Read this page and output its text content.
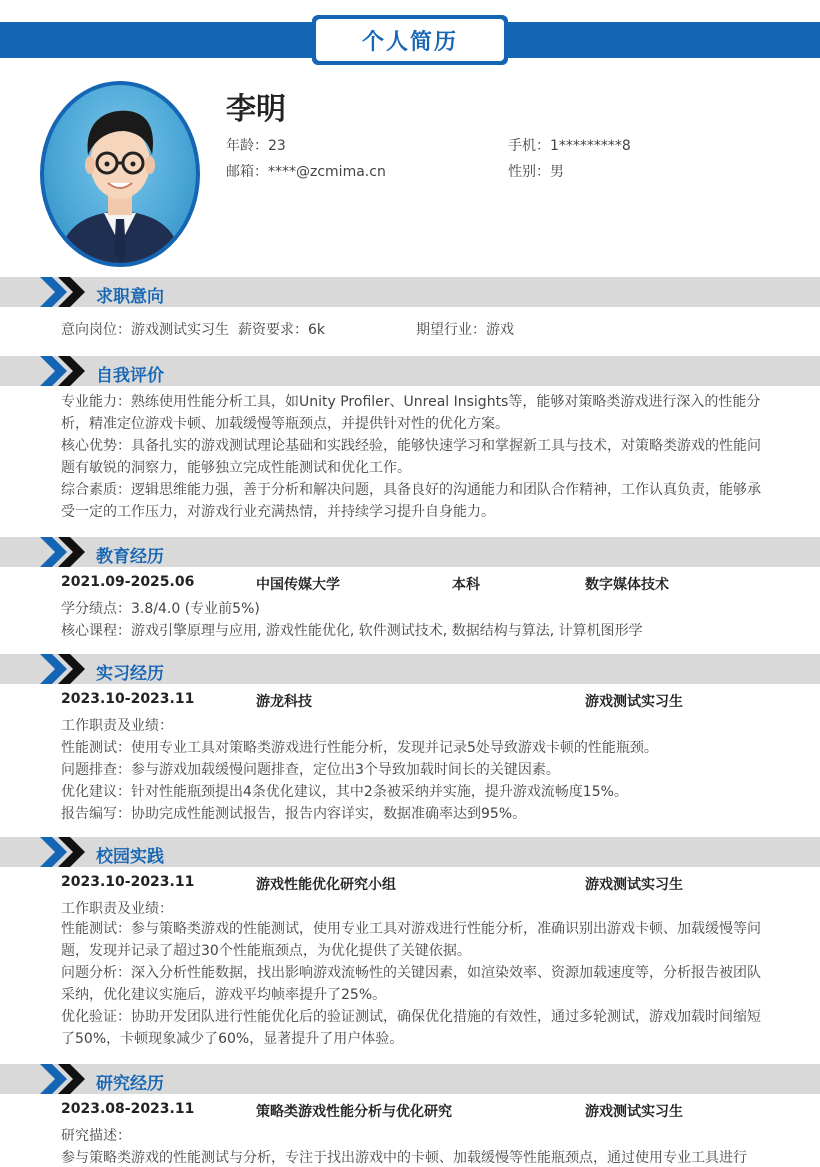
个人简历
李明
年龄：23	手机：1*********8
邮箱：****@zcmima.cn	性别：男
求职意向
意向岗位：游戏测试实习生 薪资要求：6k	期望行业：游戏
自我评价
专业能力：熟练使用性能分析工具，如Unity Profiler、Unreal Insights等，能够对策略类游戏进行深入的性能分析，精准定位游戏卡顿、加载缓慢等瓶颈点，并提供针对性的优化方案。
核心优势：具备扎实的游戏测试理论基础和实践经验，能够快速学习和掌握新工具与技术，对策略类游戏的性能问题有敏锐的洞察力，能够独立完成性能测试和优化工作。
综合素质：逻辑思维能力强，善于分析和解决问题，具备良好的沟通能力和团队合作精神，工作认真负责，能够承受一定的工作压力，对游戏行业充满热情，并持续学习提升自身能力。
教育经历
2021.09-2025.06	中国传媒大学	本科	数字媒体技术
学分绩点：3.8/4.0 (专业前5%)
核心课程：游戏引擎原理与应用, 游戏性能优化, 软件测试技术, 数据结构与算法, 计算机图形学
实习经历
2023.10-2023.11	游龙科技	游戏测试实习生
工作职责及业绩：
性能测试：使用专业工具对策略类游戏进行性能分析，发现并记录5处导致游戏卡顿的性能瓶颈。
问题排查：参与游戏加载缓慢问题排查，定位出3个导致加载时间长的关键因素。
优化建议：针对性能瓶颈提出4条优化建议，其中2条被采纳并实施，提升游戏流畅度15%。
报告编写：协助完成性能测试报告，报告内容详实，数据准确率达到95%。
校园实践
2023.10-2023.11	游戏性能优化研究小组	游戏测试实习生
工作职责及业绩：
性能测试：参与策略类游戏的性能测试，使用专业工具对游戏进行性能分析，准确识别出游戏卡顿、加载缓慢等问题，发现并记录了超过30个性能瓶颈点，为优化提供了关键依据。
问题分析：深入分析性能数据，找出影响游戏流畅性的关键因素，如渲染效率、资源加载速度等，分析报告被团队采纳，优化建议实施后，游戏平均帧率提升了25%。
优化验证：协助开发团队进行性能优化后的验证测试，确保优化措施的有效性，通过多轮测试，游戏加载时间缩短了50%，卡顿现象减少了60%，显著提升了用户体验。
研究经历
2023.08-2023.11	策略类游戏性能分析与优化研究	游戏测试实习生
研究描述：
参与策略类游戏的性能测试与分析，专注于找出游戏中的卡顿、加载缓慢等性能瓶颈点，通过使用专业工具进行
